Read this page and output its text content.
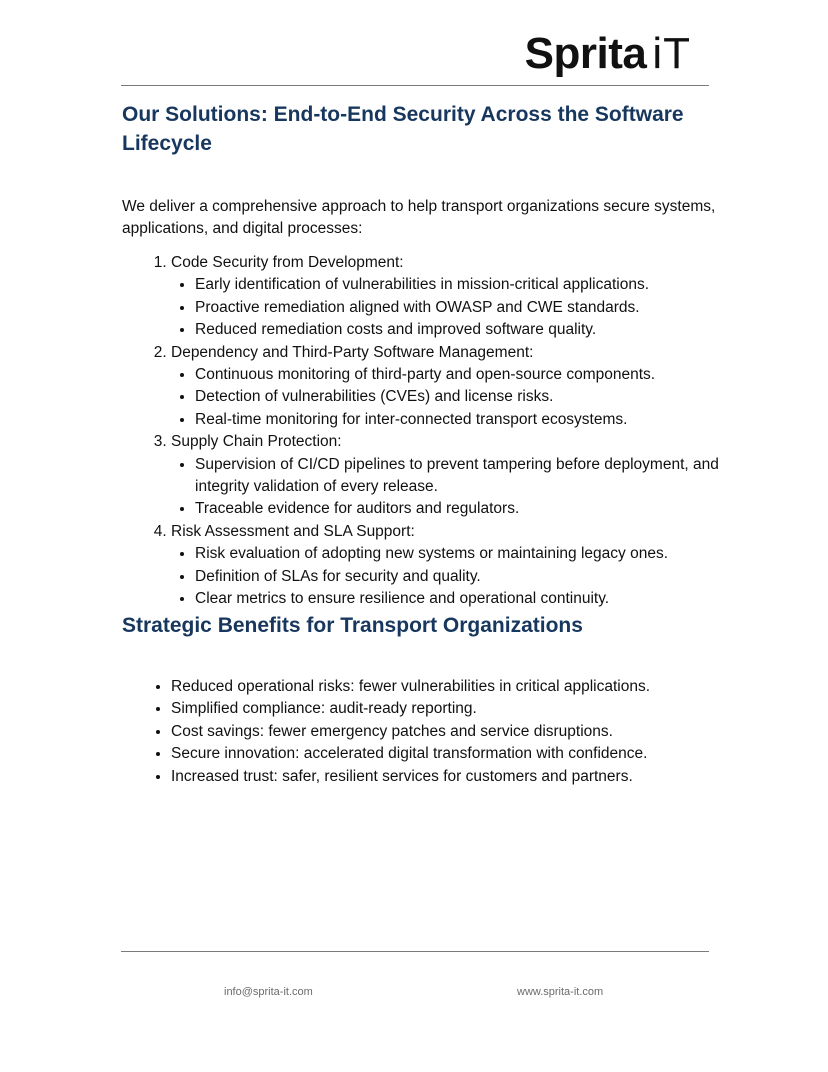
Sprita iT
Our Solutions: End-to-End Security Across the Software Lifecycle

We deliver a comprehensive approach to help transport organizations secure systems, applications, and digital processes:

1. Code Security from Development:
• Early identification of vulnerabilities in mission-critical applications.
• Proactive remediation aligned with OWASP and CWE standards.
• Reduced remediation costs and improved software quality.
2. Dependency and Third-Party Software Management:
• Continuous monitoring of third-party and open-source components.
• Detection of vulnerabilities (CVEs) and license risks.
• Real-time monitoring for inter-connected transport ecosystems.
3. Supply Chain Protection:
• Supervision of CI/CD pipelines to prevent tampering before deployment, and integrity validation of every release.
• Traceable evidence for auditors and regulators.
4. Risk Assessment and SLA Support:
• Risk evaluation of adopting new systems or maintaining legacy ones.
• Definition of SLAs for security and quality.
• Clear metrics to ensure resilience and operational continuity.
Strategic Benefits for Transport Organizations
• Reduced operational risks: fewer vulnerabilities in critical applications.
• Simplified compliance: audit-ready reporting.
• Cost savings: fewer emergency patches and service disruptions.
• Secure innovation: accelerated digital transformation with confidence.
• Increased trust: safer, resilient services for customers and partners.
info@sprita-it.com	www.sprita-it.com
